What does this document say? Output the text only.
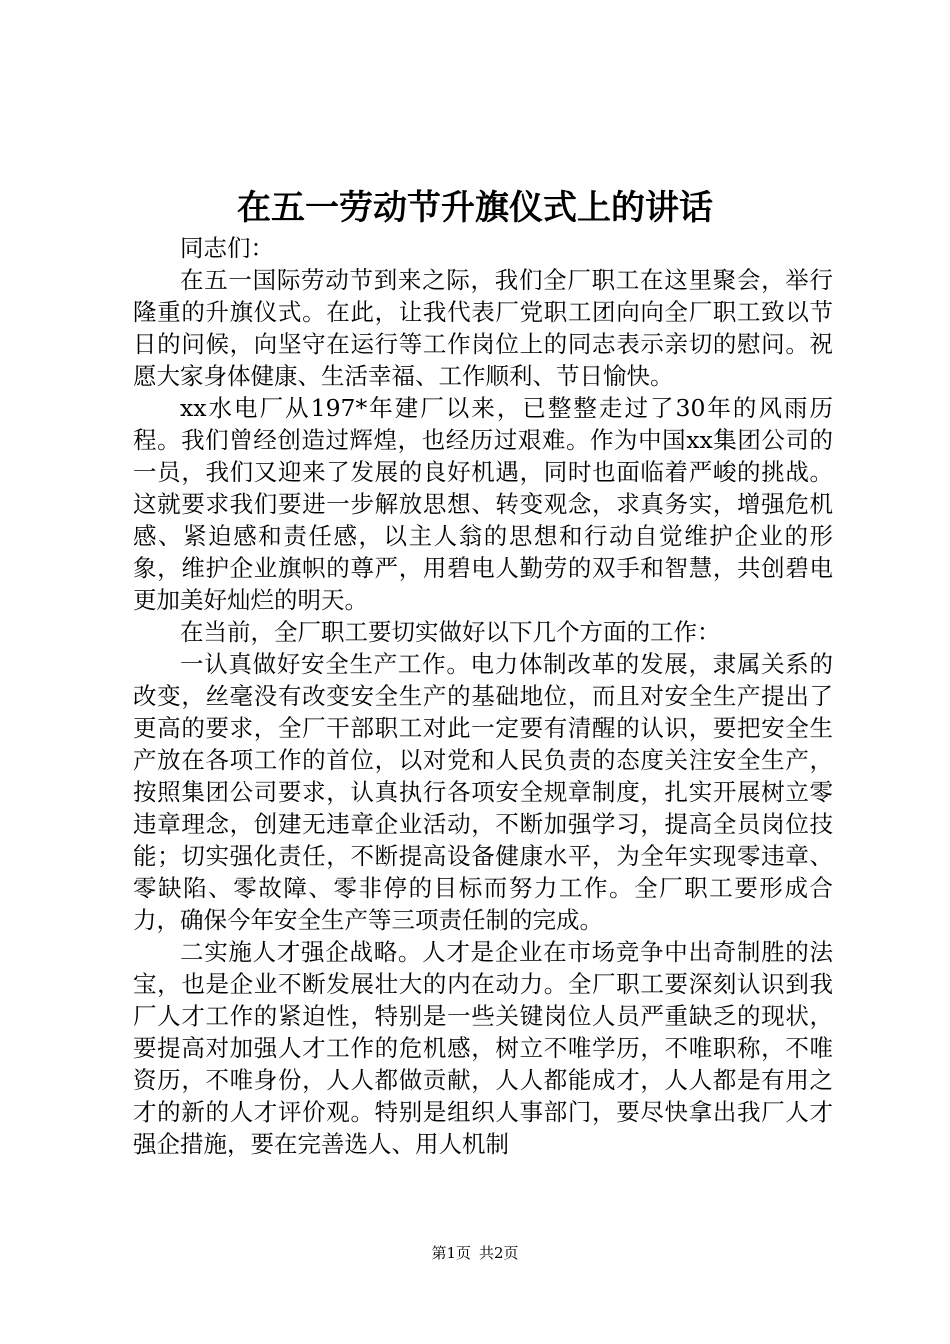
在五一劳动节升旗仪式上的讲话

同志们：

在五一国际劳动节到来之际，我们全厂职工在这里聚会，举行隆重的升旗仪式。在此，让我代表厂党职工团向向全厂职工致以节日的问候，向坚守在运行等工作岗位上的同志表示亲切的慰问。祝愿大家身体健康、生活幸福、工作顺利、节日愉快。

xx水电厂从197*年建厂以来，已整整走过了30年的风雨历程。我们曾经创造过辉煌，也经历过艰难。作为中国xx集团公司的一员，我们又迎来了发展的良好机遇，同时也面临着严峻的挑战。这就要求我们要进一步解放思想、转变观念，求真务实，增强危机感、紧迫感和责任感，以主人翁的思想和行动自觉维护企业的形象，维护企业旗帜的尊严，用碧电人勤劳的双手和智慧，共创碧电更加美好灿烂的明天。

在当前，全厂职工要切实做好以下几个方面的工作：

一认真做好安全生产工作。电力体制改革的发展，隶属关系的改变，丝毫没有改变安全生产的基础地位，而且对安全生产提出了更高的要求，全厂干部职工对此一定要有清醒的认识，要把安全生产放在各项工作的首位，以对党和人民负责的态度关注安全生产，按照集团公司要求，认真执行各项安全规章制度，扎实开展树立零违章理念，创建无违章企业活动，不断加强学习，提高全员岗位技能；切实强化责任，不断提高设备健康水平，为全年实现零违章、零缺陷、零故障、零非停的目标而努力工作。全厂职工要形成合力，确保今年安全生产等三项责任制的完成。

二实施人才强企战略。人才是企业在市场竞争中出奇制胜的法宝，也是企业不断发展壮大的内在动力。全厂职工要深刻认识到我厂人才工作的紧迫性，特别是一些关键岗位人员严重缺乏的现状，要提高对加强人才工作的危机感，树立不唯学历，不唯职称，不唯资历，不唯身份，人人都做贡献，人人都能成才，人人都是有用之才的新的人才评价观。特别是组织人事部门，要尽快拿出我厂人才强企措施，要在完善选人、用人机制

第1页 共2页
